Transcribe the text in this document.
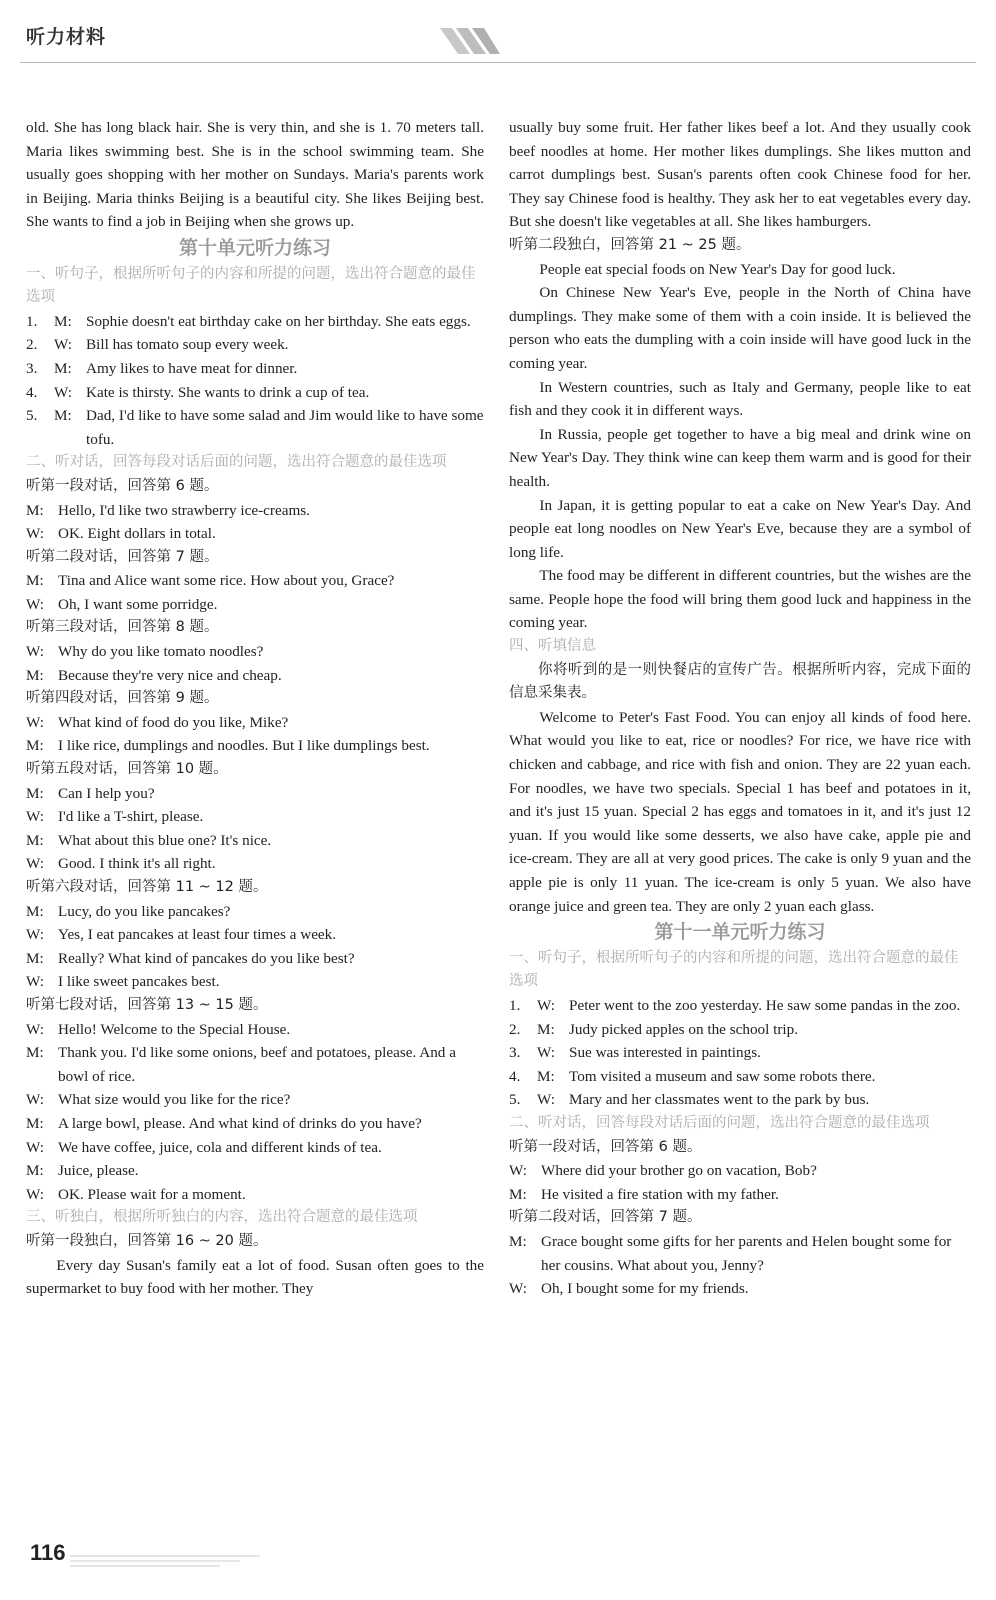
听力材料

old. She has long black hair. She is very thin, and she is 1. 70 meters tall. Maria likes swimming best. She is in the school swimming team. She usually goes shopping with her mother on Sundays. Maria's parents work in Beijing. Maria thinks Beijing is a beautiful city. She likes Beijing best. She wants to find a job in Beijing when she grows up.

第十单元听力练习
一、听句子，根据所听句子的内容和所提的问题，选出符合题意的最佳选项
1.	M: Sophie doesn't eat birthday cake on her birthday. She eats eggs.
2.	W: Bill has tomato soup every week.
3.	M: Amy likes to have meat for dinner.
4.	W: Kate is thirsty. She wants to drink a cup of tea.
5.	M: Dad, I'd like to have some salad and Jim would like to have some tofu.
二、听对话，回答每段对话后面的问题，选出符合题意的最佳选项
听第一段对话，回答第 6 题。
M: Hello, I'd like two strawberry ice-creams.
W: OK. Eight dollars in total.
听第二段对话，回答第 7 题。
M: Tina and Alice want some rice. How about you, Grace?
W: Oh, I want some porridge.
听第三段对话，回答第 8 题。
W: Why do you like tomato noodles?
M: Because they're very nice and cheap.
听第四段对话，回答第 9 题。
W: What kind of food do you like, Mike?
M: I like rice, dumplings and noodles. But I like dumplings best.
听第五段对话，回答第 10 题。
M: Can I help you?
W: I'd like a T-shirt, please.
M: What about this blue one? It's nice.
W: Good. I think it's all right.
听第六段对话，回答第 11 ~ 12 题。
M: Lucy, do you like pancakes?
W: Yes, I eat pancakes at least four times a week.
M: Really? What kind of pancakes do you like best?
W: I like sweet pancakes best.
听第七段对话，回答第 13 ~ 15 题。
W: Hello! Welcome to the Special House.
M: Thank you. I'd like some onions, beef and potatoes, please. And a bowl of rice.
W: What size would you like for the rice?
M: A large bowl, please. And what kind of drinks do you have?
W: We have coffee, juice, cola and different kinds of tea.
M: Juice, please.
W: OK. Please wait for a moment.
三、听独白，根据所听独白的内容，选出符合题意的最佳选项
听第一段独白，回答第 16 ~ 20 题。

Every day Susan's family eat a lot of food. Susan often goes to the supermarket to buy food with her mother. They

usually buy some fruit. Her father likes beef a lot. And they usually cook beef noodles at home. Her mother likes dumplings. She likes mutton and carrot dumplings best. Susan's parents often cook Chinese food for her. They say Chinese food is healthy. They ask her to eat vegetables every day. But she doesn't like vegetables at all. She likes hamburgers.

听第二段独白，回答第 21 ~ 25 题。

People eat special foods on New Year's Day for good luck.

On Chinese New Year's Eve, people in the North of China have dumplings. They make some of them with a coin inside. It is believed the person who eats the dumpling with a coin inside will have good luck in the coming year.

In Western countries, such as Italy and Germany, people like to eat fish and they cook it in different ways.

In Russia, people get together to have a big meal and drink wine on New Year's Day. They think wine can keep them warm and is good for their health.

In Japan, it is getting popular to eat a cake on New Year's Day. And people eat long noodles on New Year's Eve, because they are a symbol of long life.

The food may be different in different countries, but the wishes are the same. People hope the food will bring them good luck and happiness in the coming year.

四、听填信息

你将听到的是一则快餐店的宣传广告。根据所听内容，完成下面的信息采集表。

Welcome to Peter's Fast Food. You can enjoy all kinds of food here. What would you like to eat, rice or noodles? For rice, we have rice with chicken and cabbage, and rice with fish and onion. They are 22 yuan each. For noodles, we have two specials. Special 1 has beef and potatoes in it, and it's just 15 yuan. Special 2 has eggs and tomatoes in it, and it's just 12 yuan. If you would like some desserts, we also have cake, apple pie and ice-cream. They are all at very good prices. The cake is only 9 yuan and the apple pie is only 11 yuan. The ice-cream is only 5 yuan. We also have orange juice and green tea. They are only 2 yuan each glass.

第十一单元听力练习
一、听句子，根据所听句子的内容和所提的问题，选出符合题意的最佳选项
1.	W: Peter went to the zoo yesterday. He saw some pandas in the zoo.
2.	M: Judy picked apples on the school trip.
3.	W: Sue was interested in paintings.
4.	M: Tom visited a museum and saw some robots there.
5.	W: Mary and her classmates went to the park by bus.
二、听对话，回答每段对话后面的问题，选出符合题意的最佳选项
听第一段对话，回答第 6 题。
W: Where did your brother go on vacation, Bob?
M: He visited a fire station with my father.
听第二段对话，回答第 7 题。
M: Grace bought some gifts for her parents and Helen bought some for her cousins. What about you, Jenny?
W: Oh, I bought some for my friends.
116
